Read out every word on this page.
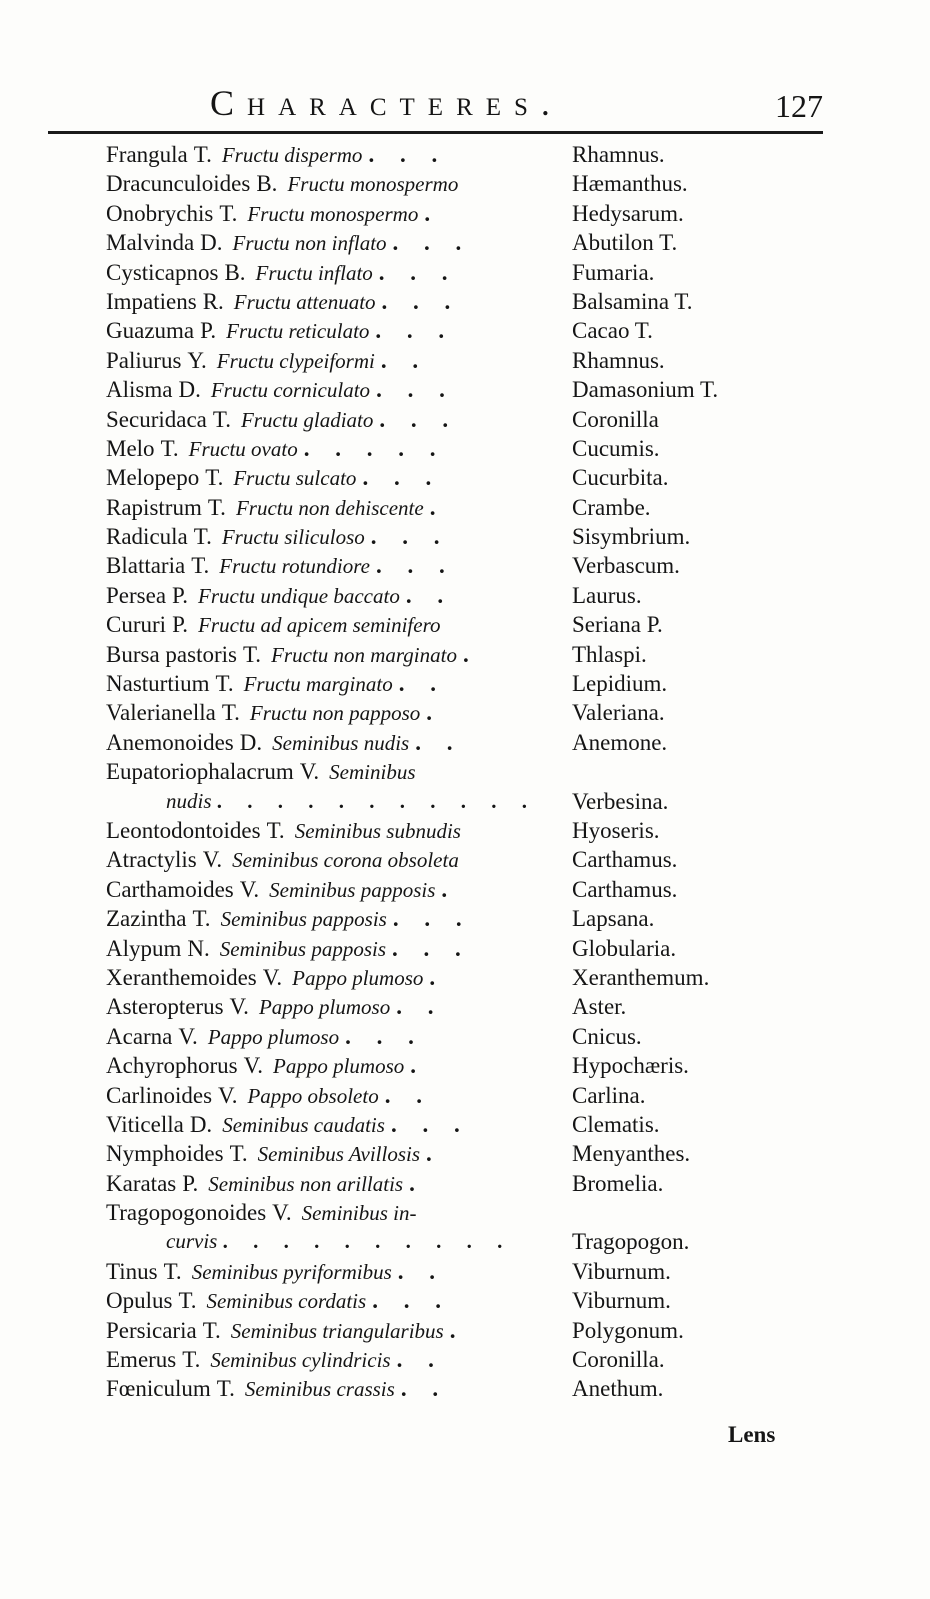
Characteres.	127
Frangula T. Fructu dispermo . . .	Rhamnus.
Dracunculoides B. Fructu monospermo	Hæmanthus.
Onobrychis T. Fructu monospermo .	Hedysarum.
Malvinda D. Fructu non inflato . . .	Abutilon T.
Cysticapnos B. Fructu inflato . . .	Fumaria.
Impatiens R. Fructu attenuato . . .	Balsamina T.
Guazuma P. Fructu reticulato . . .	Cacao T.
Paliurus Y. Fructu clypeiformi . .	Rhamnus.
Alisma D. Fructu corniculato . . .	Damasonium T.
Securidaca T. Fructu gladiato . . .	Coronilla
Melo T. Fructu ovato . . . . .	Cucumis.
Melopepo T. Fructu sulcato . . .	Cucurbita.
Rapistrum T. Fructu non dehiscente .	Crambe.
Radicula T. Fructu siliculoso . . .	Sisymbrium.
Blattaria T. Fructu rotundiore . . .	Verbascum.
Persea P. Fructu undique baccato . .	Laurus.
Cururi P. Fructu ad apicem seminifero	Seriana P.
Bursa pastoris T. Fructu non marginato .	Thlaspi.
Nasturtium T. Fructu marginato . .	Lepidium.
Valerianella T. Fructu non papposo .	Valeriana.
Anemonoides D. Seminibus nudis . .	Anemone.
Eupatoriophalacrum V. Seminibus
nudis . . . . . . . . . . . Verbesina.
Leontodontoides T. Seminibus subnudis	Hyoseris.
Atractylis V. Seminibus corona obsoleta	Carthamus.
Carthamoides V. Seminibus papposis .	Carthamus.
Zazintha T. Seminibus papposis . . .	Lapsana.
Alypum N. Seminibus papposis . . .	Globularia.
Xeranthemoides V. Pappo plumoso .	Xeranthemum.
Asteropterus V. Pappo plumoso . .	Aster.
Acarna V. Pappo plumoso . . .	Cnicus.
Achyrophorus V. Pappo plumoso .	Hypochæris.
Carlinoides V. Pappo obsoleto . .	Carlina.
Viticella D. Seminibus caudatis . . .	Clematis.
Nymphoides T. Seminibus Avillosis .	Menyanthes.
Karatas P. Seminibus non arillatis .	Bromelia.
Tragopogonoides V. Seminibus in-
curvis . . . . . . . . . .	Tragopogon.
Tinus T. Seminibus pyriformibus . .	Viburnum.
Opulus T. Seminibus cordatis . . .	Viburnum.
Persicaria T. Seminibus triangularibus .	Polygonum.
Emerus T. Seminibus cylindricis . .	Coronilla.
Fœniculum T. Seminibus crassis . .	Anethum.
Lens
